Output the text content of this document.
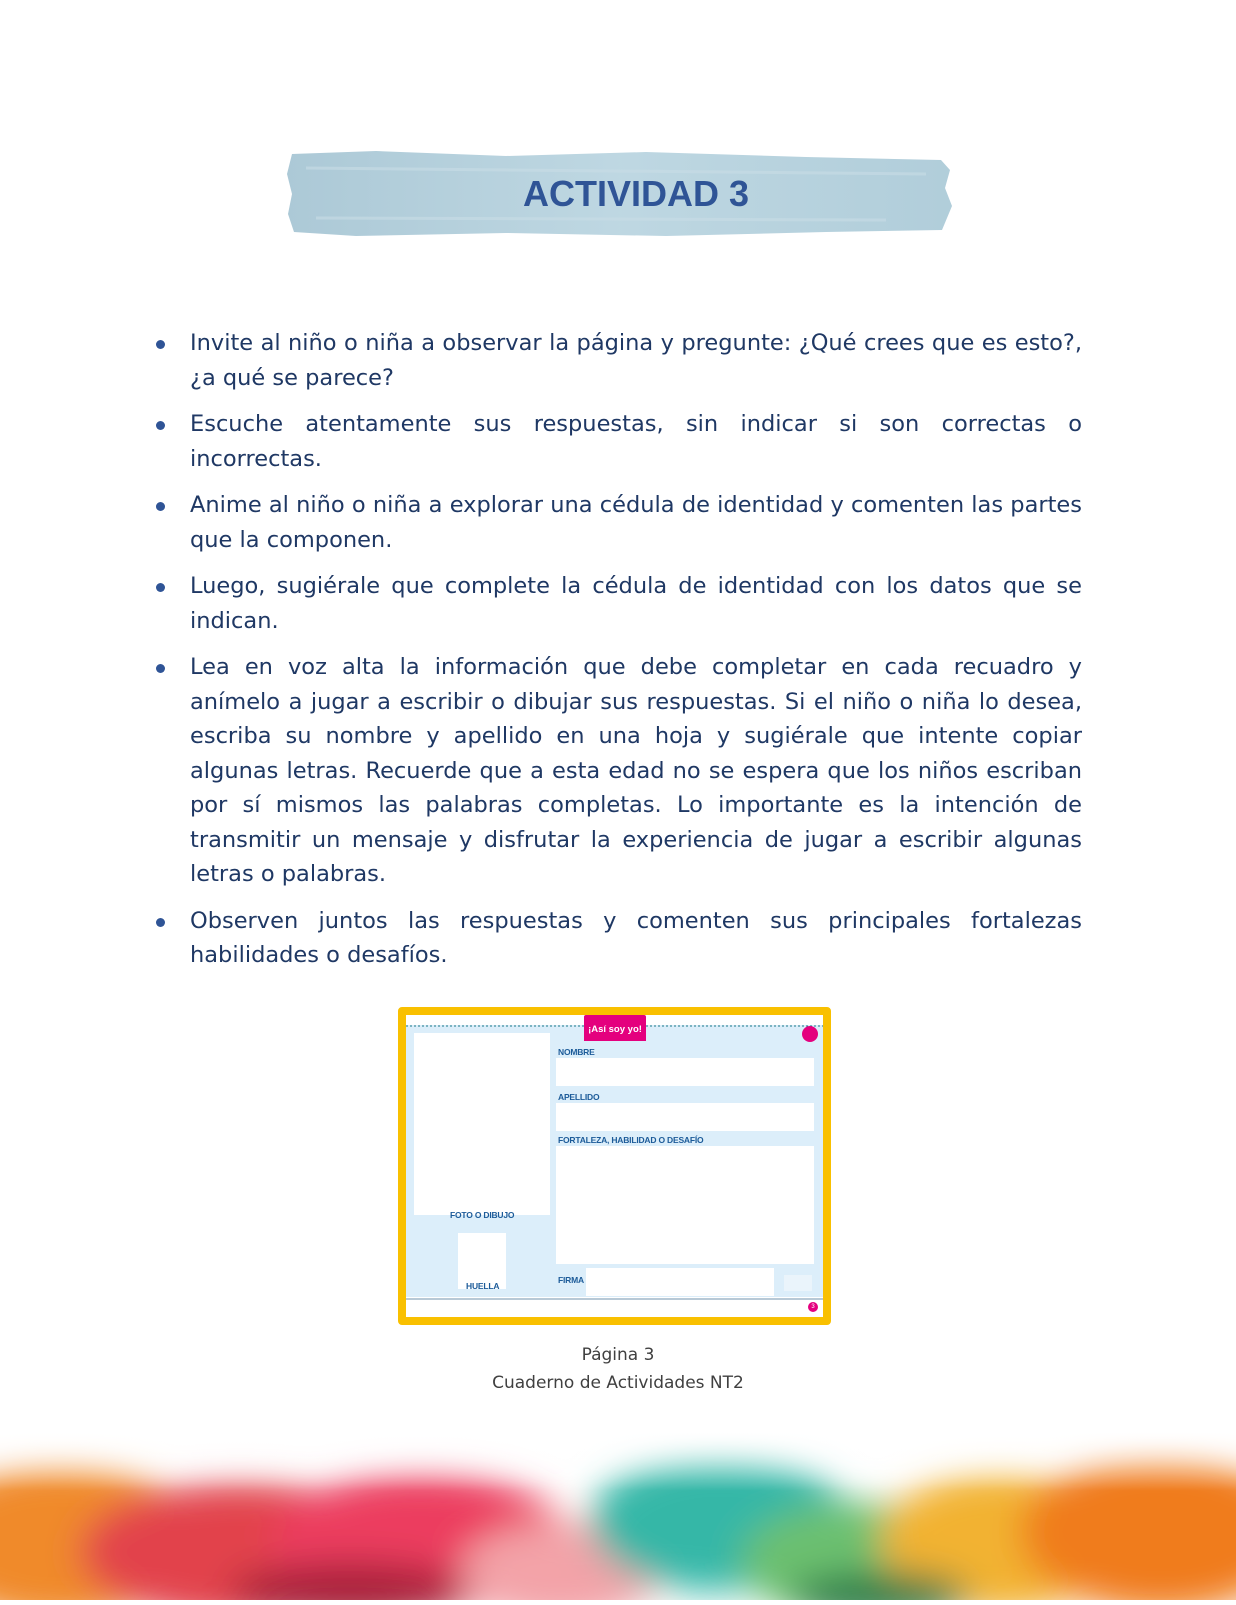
ACTIVIDAD 3
Invite al niño o niña a observar la página y pregunte: ¿Qué crees que es esto?, ¿a qué se parece?
Escuche atentamente sus respuestas, sin indicar si son correctas o incorrectas.
Anime al niño o niña a explorar una cédula de identidad y comenten las partes que la componen.
Luego, sugiérale que complete la cédula de identidad con los datos que se indican.
Lea en voz alta la información que debe completar en cada recuadro y anímelo a jugar a escribir o dibujar sus respuestas. Si el niño o niña lo desea, escriba su nombre y apellido en una hoja y sugiérale que intente copiar algunas letras. Recuerde que a esta edad no se espera que los niños escriban por sí mismos las palabras completas. Lo importante es la intención de transmitir un mensaje y disfrutar la experiencia de jugar a escribir algunas letras o palabras.
Observen juntos las respuestas y comenten sus principales fortalezas habilidades o desafíos.
¡Así soy yo!
NOMBRE
APELLIDO
FORTALEZA, HABILIDAD O DESAFÍO
FOTO O DIBUJO
HUELLA
FIRMA
3
Página 3
Cuaderno de Actividades NT2
